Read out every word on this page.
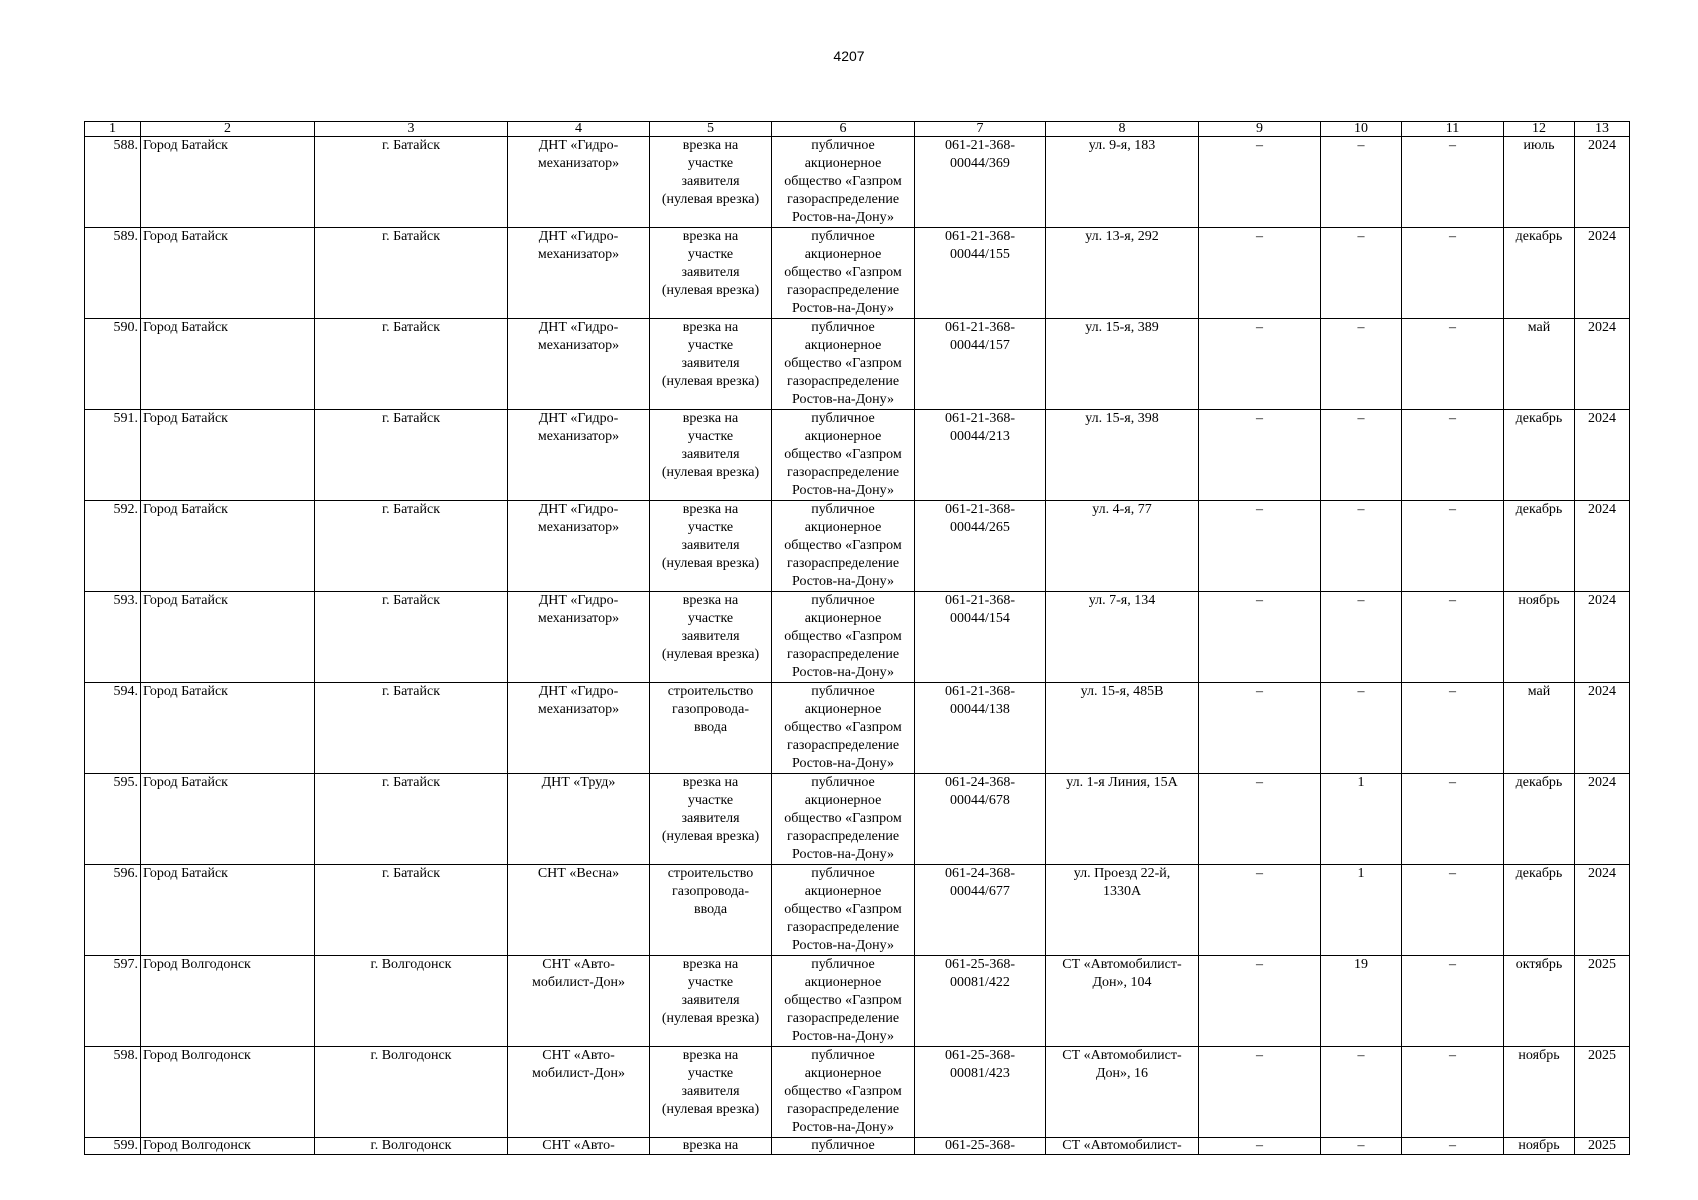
4207
1	2	3	4	5	6	7	8	9	10	11	12	13
588.	Город Батайск	г. Батайск	ДНТ «Гидро-
механизатор»	врезка на
участке
заявителя
(нулевая врезка)	публичное
акционерное
общество «Газпром
газораспределение
Ростов-на-Дону»	061-21-368-
00044/369	ул. 9-я, 183	–	–	–	июль	2024
589.	Город Батайск	г. Батайск	ДНТ «Гидро-
механизатор»	врезка на
участке
заявителя
(нулевая врезка)	публичное
акционерное
общество «Газпром
газораспределение
Ростов-на-Дону»	061-21-368-
00044/155	ул. 13-я, 292	–	–	–	декабрь	2024
590.	Город Батайск	г. Батайск	ДНТ «Гидро-
механизатор»	врезка на
участке
заявителя
(нулевая врезка)	публичное
акционерное
общество «Газпром
газораспределение
Ростов-на-Дону»	061-21-368-
00044/157	ул. 15-я, 389	–	–	–	май	2024
591.	Город Батайск	г. Батайск	ДНТ «Гидро-
механизатор»	врезка на
участке
заявителя
(нулевая врезка)	публичное
акционерное
общество «Газпром
газораспределение
Ростов-на-Дону»	061-21-368-
00044/213	ул. 15-я, 398	–	–	–	декабрь	2024
592.	Город Батайск	г. Батайск	ДНТ «Гидро-
механизатор»	врезка на
участке
заявителя
(нулевая врезка)	публичное
акционерное
общество «Газпром
газораспределение
Ростов-на-Дону»	061-21-368-
00044/265	ул. 4-я, 77	–	–	–	декабрь	2024
593.	Город Батайск	г. Батайск	ДНТ «Гидро-
механизатор»	врезка на
участке
заявителя
(нулевая врезка)	публичное
акционерное
общество «Газпром
газораспределение
Ростов-на-Дону»	061-21-368-
00044/154	ул. 7-я, 134	–	–	–	ноябрь	2024
594.	Город Батайск	г. Батайск	ДНТ «Гидро-
механизатор»	строительство
газопровода-
ввода	публичное
акционерное
общество «Газпром
газораспределение
Ростов-на-Дону»	061-21-368-
00044/138	ул. 15-я, 485В	–	–	–	май	2024
595.	Город Батайск	г. Батайск	ДНТ «Труд»	врезка на
участке
заявителя
(нулевая врезка)	публичное
акционерное
общество «Газпром
газораспределение
Ростов-на-Дону»	061-24-368-
00044/678	ул. 1-я Линия, 15А	–	1	–	декабрь	2024
596.	Город Батайск	г. Батайск	СНТ «Весна»	строительство
газопровода-
ввода	публичное
акционерное
общество «Газпром
газораспределение
Ростов-на-Дону»	061-24-368-
00044/677	ул. Проезд 22-й,
1330А	–	1	–	декабрь	2024
597.	Город Волгодонск	г. Волгодонск	СНТ «Авто-
мобилист-Дон»	врезка на
участке
заявителя
(нулевая врезка)	публичное
акционерное
общество «Газпром
газораспределение
Ростов-на-Дону»	061-25-368-
00081/422	СТ «Автомобилист-
Дон», 104	–	19	–	октябрь	2025
598.	Город Волгодонск	г. Волгодонск	СНТ «Авто-
мобилист-Дон»	врезка на
участке
заявителя
(нулевая врезка)	публичное
акционерное
общество «Газпром
газораспределение
Ростов-на-Дону»	061-25-368-
00081/423	СТ «Автомобилист-
Дон», 16	–	–	–	ноябрь	2025
599.	Город Волгодонск	г. Волгодонск	СНТ «Авто-	врезка на	публичное	061-25-368-	СТ «Автомобилист-	–	–	–	ноябрь	2025
